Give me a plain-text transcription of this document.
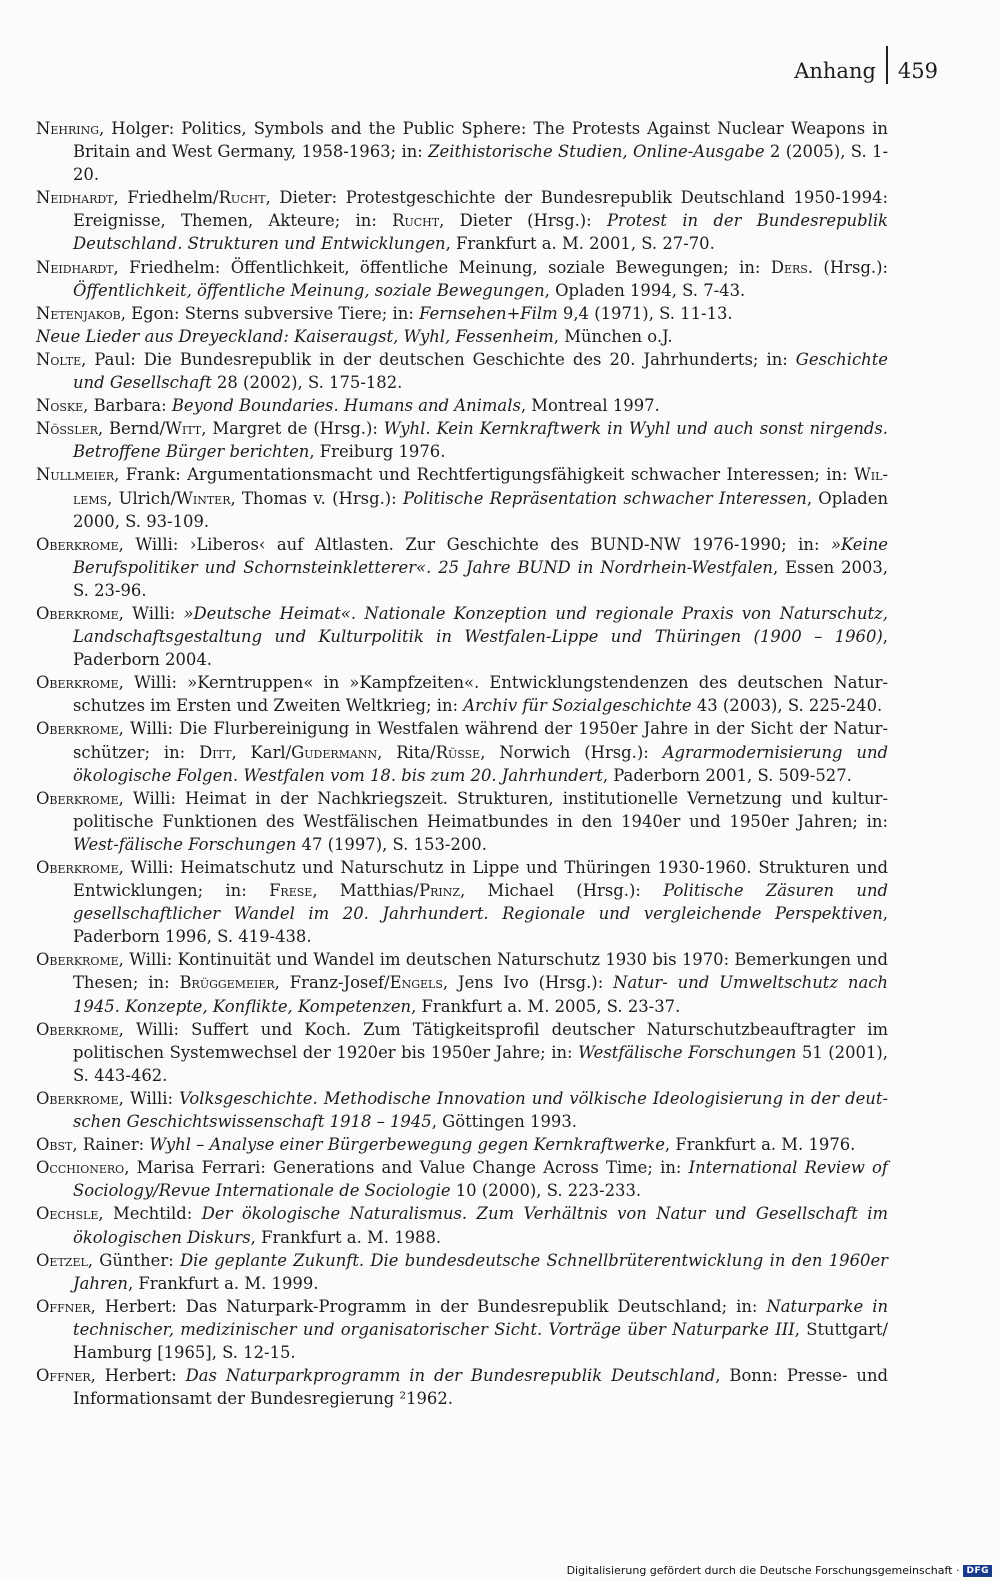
Anhang	459

Nehring, Holger: Politics, Symbols and the Public Sphere: The Protests Against Nuclear Weapons in Britain and West Germany, 1958-1963; in: Zeithistorische Studien, Online-Ausgabe 2 (2005), S. 1-20.

Neidhardt, Friedhelm/Rucht, Dieter: Protestgeschichte der Bundesrepublik Deutschland 1950-1994: Ereignisse, Themen, Akteure; in: Rucht, Dieter (Hrsg.): Protest in der Bundesrepublik Deutschland. Strukturen und Entwicklungen, Frankfurt a. M. 2001, S. 27-70.

Neidhardt, Friedhelm: Öffentlichkeit, öffentliche Meinung, soziale Bewegungen; in: Ders. (Hrsg.): Öffentlichkeit, öffentliche Meinung, soziale Bewegungen, Opladen 1994, S. 7-43.

Netenjakob, Egon: Sterns subversive Tiere; in: Fernsehen+Film 9,4 (1971), S. 11-13.

Neue Lieder aus Dreyeckland: Kaiseraugst, Wyhl, Fessenheim, München o.J.

Nolte, Paul: Die Bundesrepublik in der deutschen Geschichte des 20. Jahrhunderts; in: Geschichte und Gesellschaft 28 (2002), S. 175-182.

Noske, Barbara: Beyond Boundaries. Humans and Animals, Montreal 1997.

Nössler, Bernd/Witt, Margret de (Hrsg.): Wyhl. Kein Kernkraftwerk in Wyhl und auch sonst nirgends. Betroffene Bürger berichten, Freiburg 1976.

Nullmeier, Frank: Argumentationsmacht und Rechtfertigungsfähigkeit schwacher Interessen; in: Wil-lems, Ulrich/Winter, Thomas v. (Hrsg.): Politische Repräsentation schwacher Interessen, Opladen 2000, S. 93-109.

Oberkrome, Willi: ›Liberos‹ auf Altlasten. Zur Geschichte des BUND-NW 1976-1990; in: »Keine Berufspolitiker und Schornsteinkletterer«. 25 Jahre BUND in Nordrhein-Westfalen, Essen 2003, S. 23-96.

Oberkrome, Willi: »Deutsche Heimat«. Nationale Konzeption und regionale Praxis von Naturschutz, Landschaftsgestaltung und Kulturpolitik in Westfalen-Lippe und Thüringen (1900 – 1960), Paderborn 2004.

Oberkrome, Willi: »Kerntruppen« in »Kampfzeiten«. Entwicklungstendenzen des deutschen Natur-schutzes im Ersten und Zweiten Weltkrieg; in: Archiv für Sozialgeschichte 43 (2003), S. 225-240.

Oberkrome, Willi: Die Flurbereinigung in Westfalen während der 1950er Jahre in der Sicht der Natur-schützer; in: Ditt, Karl/Gudermann, Rita/Rüsse, Norwich (Hrsg.): Agrarmodernisierung und ökologische Folgen. Westfalen vom 18. bis zum 20. Jahrhundert, Paderborn 2001, S. 509-527.

Oberkrome, Willi: Heimat in der Nachkriegszeit. Strukturen, institutionelle Vernetzung und kultur-politische Funktionen des Westfälischen Heimatbundes in den 1940er und 1950er Jahren; in: West-fälische Forschungen 47 (1997), S. 153-200.

Oberkrome, Willi: Heimatschutz und Naturschutz in Lippe und Thüringen 1930-1960. Strukturen und Entwicklungen; in: Frese, Matthias/Prinz, Michael (Hrsg.): Politische Zäsuren und gesellschaftlicher Wandel im 20. Jahrhundert. Regionale und vergleichende Perspektiven, Paderborn 1996, S. 419-438.

Oberkrome, Willi: Kontinuität und Wandel im deutschen Naturschutz 1930 bis 1970: Bemerkungen und Thesen; in: Brüggemeier, Franz-Josef/Engels, Jens Ivo (Hrsg.): Natur- und Umweltschutz nach 1945. Konzepte, Konflikte, Kompetenzen, Frankfurt a. M. 2005, S. 23-37.

Oberkrome, Willi: Suffert und Koch. Zum Tätigkeitsprofil deutscher Naturschutzbeauftragter im politischen Systemwechsel der 1920er bis 1950er Jahre; in: Westfälische Forschungen 51 (2001), S. 443-462.

Oberkrome, Willi: Volksgeschichte. Methodische Innovation und völkische Ideologisierung in der deut-schen Geschichtswissenschaft 1918 – 1945, Göttingen 1993.

Obst, Rainer: Wyhl – Analyse einer Bürgerbewegung gegen Kernkraftwerke, Frankfurt a. M. 1976.

Occhionero, Marisa Ferrari: Generations and Value Change Across Time; in: International Review of Sociology/Revue Internationale de Sociologie 10 (2000), S. 223-233.

Oechsle, Mechtild: Der ökologische Naturalismus. Zum Verhältnis von Natur und Gesellschaft im ökologischen Diskurs, Frankfurt a. M. 1988.

Oetzel, Günther: Die geplante Zukunft. Die bundesdeutsche Schnellbrüterentwicklung in den 1960er Jahren, Frankfurt a. M. 1999.

Offner, Herbert: Das Naturpark-Programm in der Bundesrepublik Deutschland; in: Naturparke in technischer, medizinischer und organisatorischer Sicht. Vorträge über Naturparke III, Stuttgart/ Hamburg [1965], S. 12-15.

Offner, Herbert: Das Naturparkprogramm in der Bundesrepublik Deutschland, Bonn: Presse- und Informationsamt der Bundesregierung ²1962.

Digitalisierung gefördert durch die Deutsche Forschungsgemeinschaft · DFG
